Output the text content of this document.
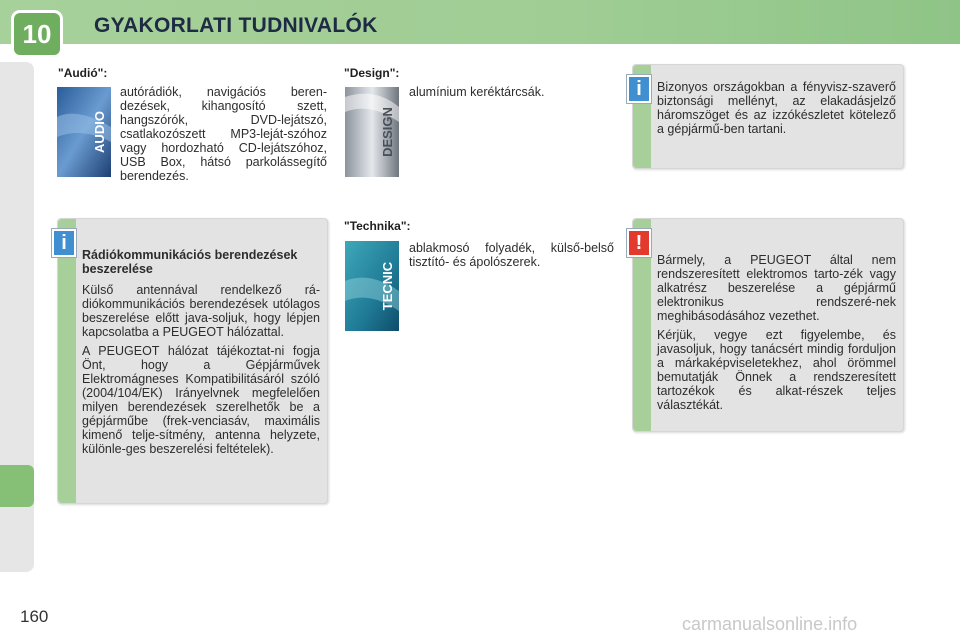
10	GYAKORLATI TUDNIVALÓK
"Audió":
AUDIO
autórádiók, navigációs beren-dezések, kihangosító szett, hangszórók, DVD-lejátszó, csatlakozószett MP3-leját-szóhoz vagy hordozható CD-lejátszóhoz, USB Box, hátsó parkolássegítő berendezés.
"Design":
DESIGN
alumínium keréktárcsák.
"Technika":
TECNIC
ablakmosó folyadék, külső-belső tisztító- és ápolószerek.
i
Rádiókommunikációs berendezések beszerelése

Külső antennával rendelkező rá-diókommunikációs berendezések utólagos beszerelése előtt java-soljuk, hogy lépjen kapcsolatba a PEUGEOT hálózattal.

A PEUGEOT hálózat tájékoztat-ni fogja Önt, hogy a Gépjárművek Elektromágneses Kompatibilitásáról szóló (2004/104/EK) Irányelvnek megfelelően milyen berendezések szerelhetők be a gépjárműbe (frek-venciasáv, maximális kimenő telje-sítmény, antenna helyzete, különle-ges beszerelési feltételek).

i	Bizonyos országokban a fényvisz-szaverő biztonsági mellényt, az elakadásjelző háromszöget és az izzókészletet kötelező a gépjármű-ben tartani.
!

Bármely, a PEUGEOT által nem rendszeresített elektromos tarto-zék vagy alkatrész beszerelése a gépjármű elektronikus rendszeré-nek meghibásodásához vezethet.

Kérjük, vegye ezt figyelembe, és javasoljuk, hogy tanácsért mindig forduljon a márkaképviseletekhez, ahol örömmel bemutatják Önnek a rendszeresített tartozékok és alkat-részek teljes választékát.

160	carmanualsonline.info
